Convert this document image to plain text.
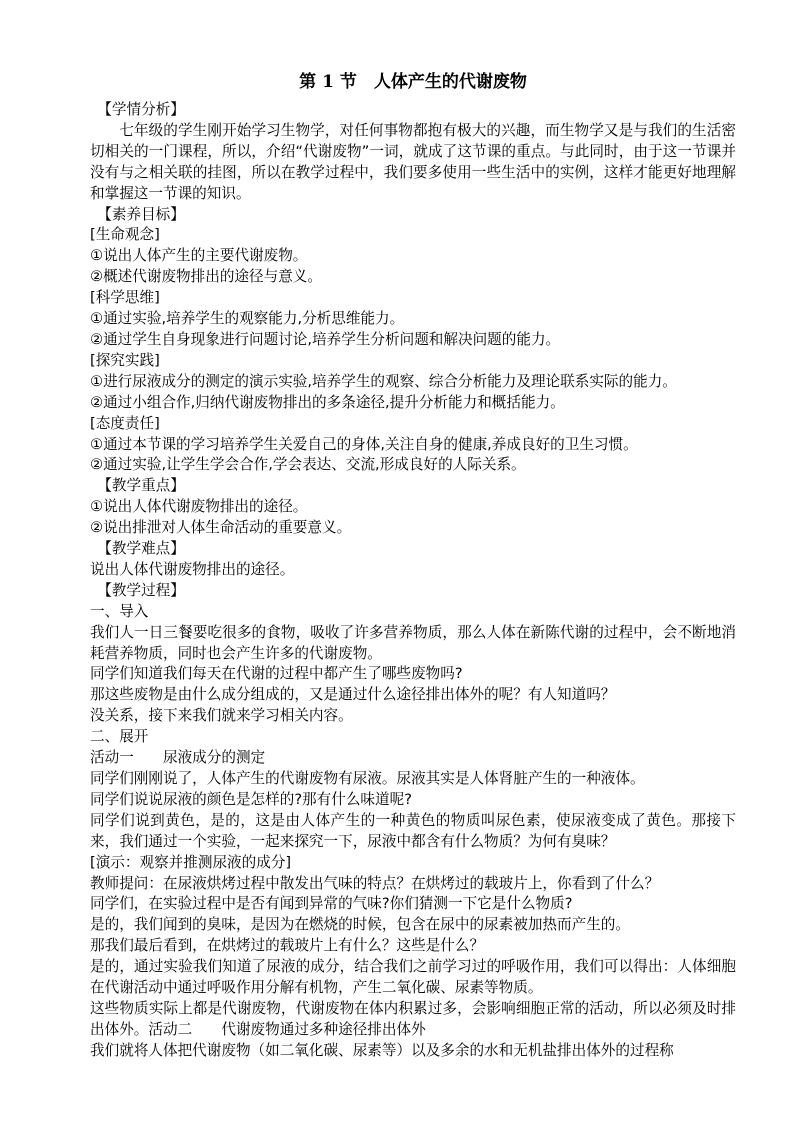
第 1 节　人体产生的代谢废物

【学情分析】

七年级的学生刚开始学习生物学，对任何事物都抱有极大的兴趣，而生物学又是与我们的生活密切相关的一门课程，所以，介绍“代谢废物”一词，就成了这节课的重点。与此同时，由于这一节课并没有与之相关联的挂图，所以在教学过程中，我们要多使用一些生活中的实例，这样才能更好地理解和掌握这一节课的知识。

【素养目标】

[生命观念]

①说出人体产生的主要代谢废物。

②概述代谢废物排出的途径与意义。

[科学思维]

①通过实验,培养学生的观察能力,分析思维能力。

②通过学生自身现象进行问题讨论,培养学生分析问题和解决问题的能力。

[探究实践]

①进行尿液成分的测定的演示实验,培养学生的观察、综合分析能力及理论联系实际的能力。

②通过小组合作,归纳代谢废物排出的多条途径,提升分析能力和概括能力。

[态度责任]

①通过本节课的学习培养学生关爱自己的身体,关注自身的健康,养成良好的卫生习惯。

②通过实验,让学生学会合作,学会表达、交流,形成良好的人际关系。

【教学重点】

①说出人体代谢废物排出的途径。

②说出排泄对人体生命活动的重要意义。

【教学难点】

说出人体代谢废物排出的途径。

【教学过程】

一、导入

我们人一日三餐要吃很多的食物，吸收了许多营养物质，那么人体在新陈代谢的过程中，会不断地消耗营养物质，同时也会产生许多的代谢废物。

同学们知道我们每天在代谢的过程中都产生了哪些废物吗?

那这些废物是由什么成分组成的，又是通过什么途径排出体外的呢？有人知道吗？

没关系，接下来我们就来学习相关内容。

二、展开

活动一　　尿液成分的测定

同学们刚刚说了，人体产生的代谢废物有尿液。尿液其实是人体肾脏产生的一种液体。

同学们说说尿液的颜色是怎样的?那有什么味道呢?

同学们说到黄色，是的，这是由人体产生的一种黄色的物质叫尿色素，使尿液变成了黄色。那接下来，我们通过一个实验，一起来探究一下，尿液中都含有什么物质？为何有臭味？

[演示：观察并推测尿液的成分]

教师提问：在尿液烘烤过程中散发出气味的特点？在烘烤过的载玻片上，你看到了什么？

同学们，在实验过程中是否有闻到异常的气味?你们猜测一下它是什么物质?

是的，我们闻到的臭味，是因为在燃烧的时候，包含在尿中的尿素被加热而产生的。

那我们最后看到，在烘烤过的载玻片上有什么？这些是什么？

是的，通过实验我们知道了尿液的成分，结合我们之前学习过的呼吸作用，我们可以得出：人体细胞在代谢活动中通过呼吸作用分解有机物，产生二氧化碳、尿素等物质。

这些物质实际上都是代谢废物，代谢废物在体内积累过多，会影响细胞正常的活动，所以必须及时排出体外。活动二　　代谢废物通过多种途径排出体外

我们就将人体把代谢废物（如二氧化碳、尿素等）以及多余的水和无机盐排出体外的过程称
